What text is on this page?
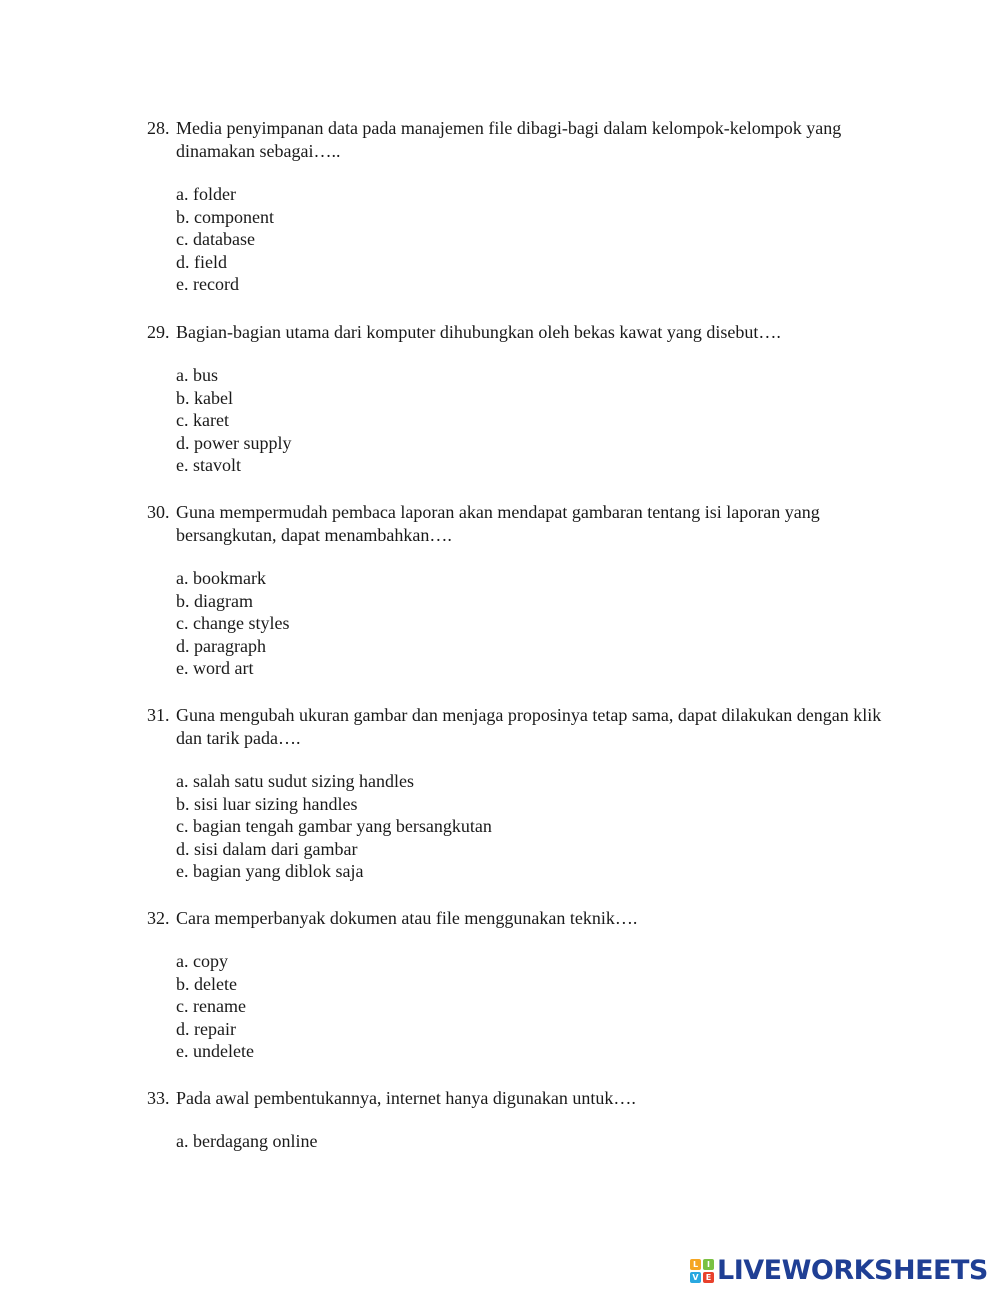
28. Media penyimpanan data pada manajemen file dibagi-bagi dalam kelompok-kelompok yang dinamakan sebagai…..
a. folder
b. component
c. database
d. field
e. record
29. Bagian-bagian utama dari komputer dihubungkan oleh bekas kawat yang disebut….
a. bus
b. kabel
c. karet
d. power supply
e. stavolt
30. Guna mempermudah pembaca laporan akan mendapat gambaran tentang isi laporan yang bersangkutan, dapat menambahkan….
a. bookmark
b. diagram
c. change styles
d. paragraph
e. word art
31. Guna mengubah ukuran gambar dan menjaga proposinya tetap sama, dapat dilakukan dengan klik dan tarik pada….
a. salah satu sudut sizing handles
b. sisi luar sizing handles
c. bagian tengah gambar yang bersangkutan
d. sisi dalam dari gambar
e. bagian yang diblok saja
32. Cara memperbanyak dokumen atau file menggunakan teknik….
a. copy
b. delete
c. rename
d. repair
e. undelete
33. Pada awal pembentukannya, internet hanya digunakan untuk….
a. berdagang online
L	I
V E LIVEWORKSHEETS
